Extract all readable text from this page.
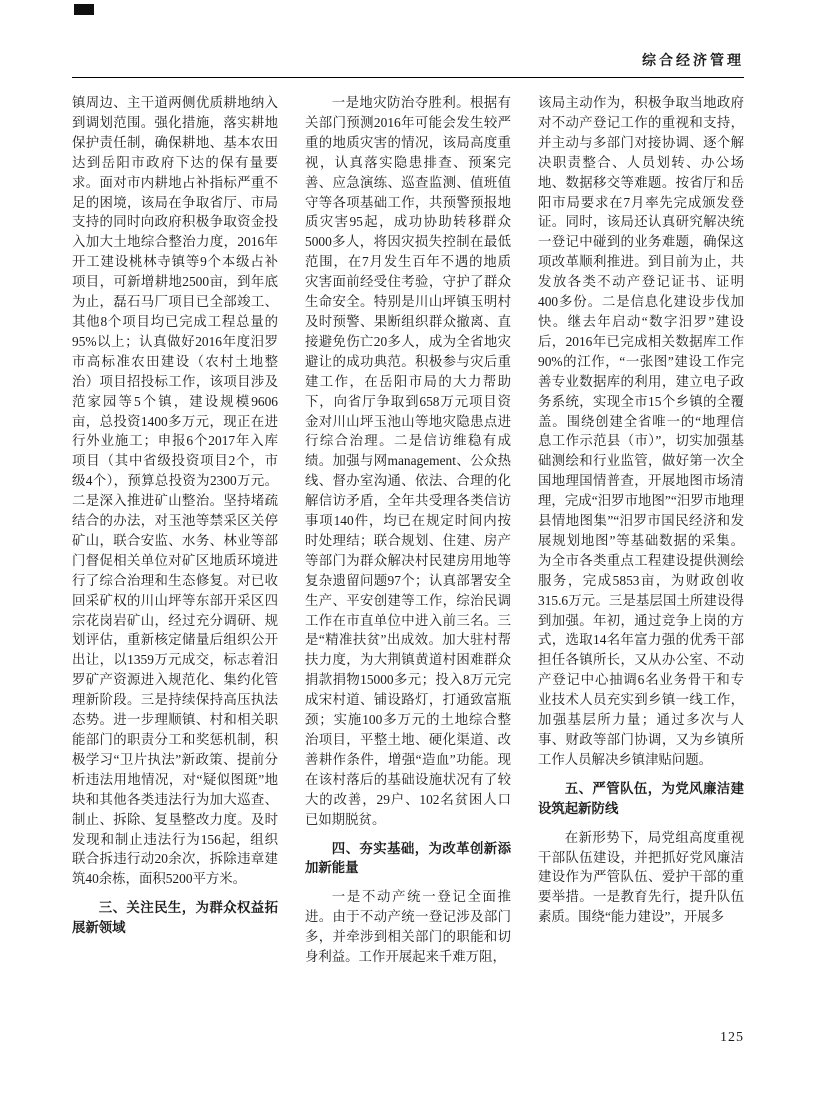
综合经济管理

镇周边、主干道两侧优质耕地纳入到调划范围。强化措施，落实耕地保护责任制，确保耕地、基本农田达到岳阳市政府下达的保有量要求。面对市内耕地占补指标严重不足的困境，该局在争取省厅、市局支持的同时向政府积极争取资金投入加大土地综合整治力度，2016年开工建设桃林寺镇等9个本级占补项目，可新增耕地2500亩，到年底为止，磊石马厂项目已全部竣工、其他8个项目均已完成工程总量的95%以上；认真做好2016年度汨罗市高标准农田建设（农村土地整治）项目招投标工作，该项目涉及范家园等5个镇，建设规模9606亩，总投资1400多万元，现正在进行外业施工；申报6个2017年入库项目（其中省级投资项目2个，市级4个），预算总投资为2300万元。二是深入推进矿山整治。坚持堵疏结合的办法，对玉池等禁采区关停矿山，联合安监、水务、林业等部门督促相关单位对矿区地质环境进行了综合治理和生态修复。对已收回采矿权的川山坪等东部开采区四宗花岗岩矿山，经过充分调研、规划评估，重新核定储量后组织公开出让，以1359万元成交，标志着汨罗矿产资源进入规范化、集约化管理新阶段。三是持续保持高压执法态势。进一步理顺镇、村和相关职能部门的职责分工和奖惩机制，积极学习“卫片执法”新政策、提前分析违法用地情况，对“疑似图斑”地块和其他各类违法行为加大巡查、制止、拆除、复垦整改力度。及时发现和制止违法行为156起，组织联合拆违行动20余次，拆除违章建筑40余栋，面积5200平方米。

三、关注民生，为群众权益拓展新领域

一是地灾防治夺胜利。根据有关部门预测2016年可能会发生较严重的地质灾害的情况，该局高度重视，认真落实隐患排查、预案完善、应急演练、巡查监测、值班值守等各项基础工作，共预警预报地质灾害95起，成功协助转移群众5000多人，将因灾损失控制在最低范围，在7月发生百年不遇的地质灾害面前经受住考验，守护了群众生命安全。特别是川山坪镇玉明村及时预警、果断组织群众撤离、直接避免伤亡20多人，成为全省地灾避让的成功典范。积极参与灾后重建工作，在岳阳市局的大力帮助下，向省厅争取到658万元项目资金对川山坪玉池山等地灾隐患点进行综合治理。二是信访维稳有成绩。加强与网management、公众热线、督办室沟通、依法、合理的化解信访矛盾，全年共受理各类信访事项140件，均已在规定时间内按时处理结；联合规划、住建、房产等部门为群众解决村民建房用地等复杂遗留问题97个；认真部署安全生产、平安创建等工作，综治民调工作在市直单位中进入前三名。三是“精准扶贫”出成效。加大驻村帮扶力度，为大荆镇黄道村困难群众捐款捐物15000多元；投入8万元完成宋村道、铺设路灯，打通致富瓶颈；实施100多万元的土地综合整治项目，平整土地、硬化渠道、改善耕作条件，增强“造血”功能。现在该村落后的基础设施状况有了较大的改善，29户、102名贫困人口已如期脱贫。

四、夯实基础，为改革创新添加新能量

一是不动产统一登记全面推进。由于不动产统一登记涉及部门多，并牵涉到相关部门的职能和切身利益。工作开展起来千难万阻，

该局主动作为，积极争取当地政府对不动产登记工作的重视和支持，并主动与多部门对接协调、逐个解决职责整合、人员划转、办公场地、数据移交等难题。按省厅和岳阳市局要求在7月率先完成颁发登证。同时，该局还认真研究解决统一登记中碰到的业务难题，确保这项改革顺利推进。到目前为止，共发放各类不动产登记证书、证明400多份。二是信息化建设步伐加快。继去年启动“数字汨罗”建设后，2016年已完成相关数据库工作90%的江作，“一张图”建设工作完善专业数据库的利用，建立电子政务系统，实现全市15个乡镇的全覆盖。围绕创建全省唯一的“地理信息工作示范县（市）”，切实加强基础测绘和行业监管，做好第一次全国地理国情普查，开展地图市场清理，完成“汨罗市地图”“汨罗市地理县情地图集”“汨罗市国民经济和发展规划地图”等基础数据的采集。为全市各类重点工程建设提供测绘服务，完成5853亩，为财政创收315.6万元。三是基层国土所建设得到加强。年初，通过竞争上岗的方式，选取14名年富力强的优秀干部担任各镇所长，又从办公室、不动产登记中心抽调6名业务骨干和专业技术人员充实到乡镇一线工作，加强基层所力量；通过多次与人事、财政等部门协调，又为乡镇所工作人员解决乡镇津贴问题。

五、严管队伍，为党风廉洁建设筑起新防线

在新形势下，局党组高度重视干部队伍建设，并把抓好党风廉洁建设作为严管队伍、爱护干部的重要举措。一是教育先行，提升队伍素质。围绕“能力建设”，开展多

125
